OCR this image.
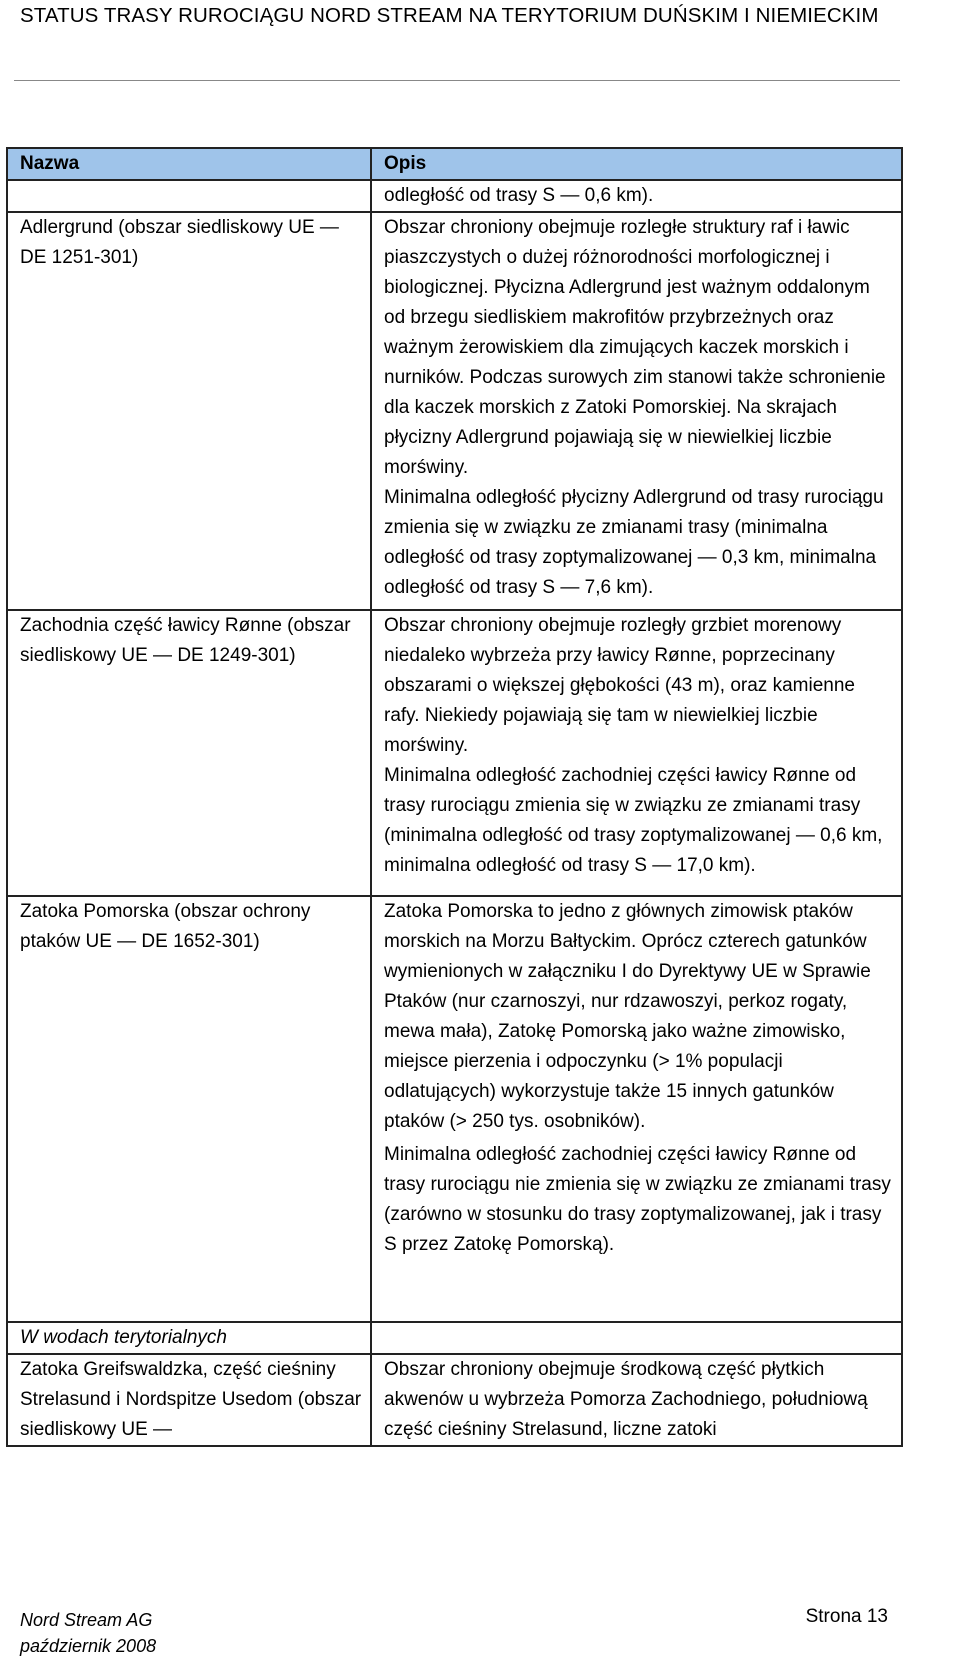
STATUS TRASY RUROCIĄGU NORD STREAM NA TERYTORIUM DUŃSKIM I NIEMIECKIM
Nazwa	Opis
	odległość od trasy S — 0,6 km).
Adlergrund (obszar siedliskowy UE — DE 1251-301)	Obszar chroniony obejmuje rozległe struktury raf i ławic piaszczystych o dużej różnorodności morfologicznej i biologicznej. Płycizna Adlergrund jest ważnym oddalonym od brzegu siedliskiem makrofitów przybrzeżnych oraz ważnym żerowiskiem dla zimujących kaczek morskich i nurników. Podczas surowych zim stanowi także schronienie dla kaczek morskich z Zatoki Pomorskiej. Na skrajach płycizny Adlergrund pojawiają się w niewielkiej liczbie morświny.
Minimalna odległość płycizny Adlergrund od trasy rurociągu zmienia się w związku ze zmianami trasy (minimalna odległość od trasy zoptymalizowanej — 0,3 km, minimalna odległość od trasy S — 7,6 km).

Zachodnia część ławicy Rønne (obszar siedliskowy UE — DE 1249-301)	Obszar chroniony obejmuje rozległy grzbiet morenowy niedaleko wybrzeża przy ławicy Rønne, poprzecinany obszarami o większej głębokości (43 m), oraz kamienne rafy. Niekiedy pojawiają się tam w niewielkiej liczbie morświny.
Minimalna odległość zachodniej części ławicy Rønne od trasy rurociągu zmienia się w związku ze zmianami trasy (minimalna odległość od trasy zoptymalizowanej — 0,6 km, minimalna odległość od trasy S — 17,0 km).

Zatoka Pomorska (obszar ochrony ptaków UE — DE 1652-301)	Zatoka Pomorska to jedno z głównych zimowisk ptaków morskich na Morzu Bałtyckim. Oprócz czterech gatunków wymienionych w załączniku I do Dyrektywy UE w Sprawie Ptaków (nur czarnoszyi, nur rdzawoszyi, perkoz rogaty, mewa mała), Zatokę Pomorską jako ważne zimowisko, miejsce pierzenia i odpoczynku (> 1% populacji odlatujących) wykorzystuje także 15 innych gatunków ptaków (> 250 tys. osobników).
Minimalna odległość zachodniej części ławicy Rønne od trasy rurociągu nie zmienia się w związku ze zmianami trasy (zarówno w stosunku do trasy zoptymalizowanej, jak i trasy S przez Zatokę Pomorską).

W wodach terytorialnych	

Zatoka Greifswaldzka, część cieśniny Strelasund i Nordspitze Usedom (obszar siedliskowy UE —	Obszar chroniony obejmuje środkową część płytkich akwenów u wybrzeża Pomorza Zachodniego, południową część cieśniny Strelasund, liczne zatoki
Nord Stream AG
październik 2008
Strona 13
